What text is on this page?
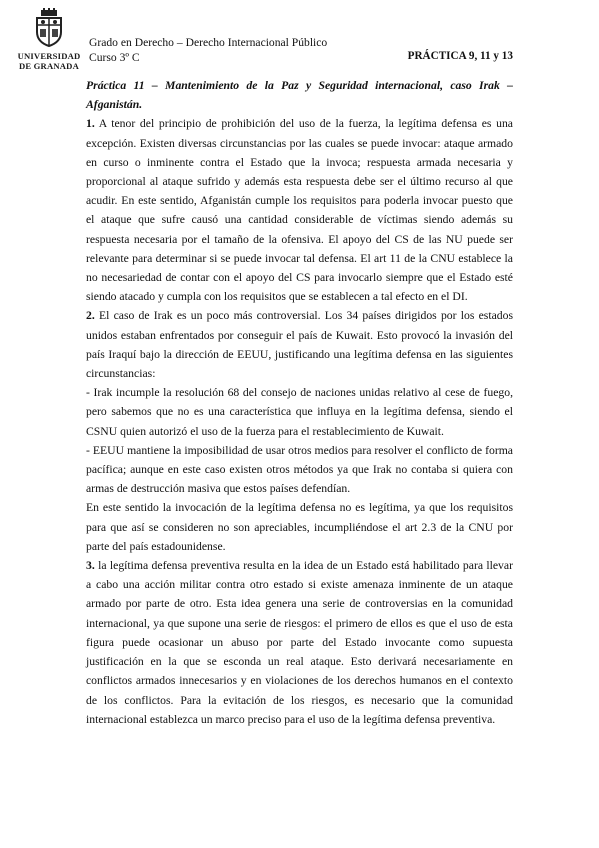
UNIVERSIDAD
DE GRANADA
Grado en Derecho – Derecho Internacional Público
Curso 3º C	PRÁCTICA 9, 11 y 13

Práctica 11 – Mantenimiento de la Paz y Seguridad internacional, caso Irak – Afganistán.

1. A tenor del principio de prohibición del uso de la fuerza, la legítima defensa es una excepción. Existen diversas circunstancias por las cuales se puede invocar: ataque armado en curso o inminente contra el Estado que la invoca; respuesta armada necesaria y proporcional al ataque sufrido y además esta respuesta debe ser el último recurso al que acudir. En este sentido, Afganistán cumple los requisitos para poderla invocar puesto que el ataque que sufre causó una cantidad considerable de víctimas siendo además su respuesta necesaria por el tamaño de la ofensiva. El apoyo del CS de las NU puede ser relevante para determinar si se puede invocar tal defensa. El art 11 de la CNU establece la no necesariedad de contar con el apoyo del CS para invocarlo siempre que el Estado esté siendo atacado y cumpla con los requisitos que se establecen a tal efecto en el DI.

2. El caso de Irak es un poco más controversial. Los 34 países dirigidos por los estados unidos estaban enfrentados por conseguir el país de Kuwait. Esto provocó la invasión del país Iraquí bajo la dirección de EEUU, justificando una legítima defensa en las siguientes circunstancias:

- Irak incumple la resolución 68 del consejo de naciones unidas relativo al cese de fuego, pero sabemos que no es una característica que influya en la legítima defensa, siendo el CSNU quien autorizó el uso de la fuerza para el restablecimiento de Kuwait.

- EEUU mantiene la imposibilidad de usar otros medios para resolver el conflicto de forma pacífica; aunque en este caso existen otros métodos ya que Irak no contaba si quiera con armas de destrucción masiva que estos países defendían.

En este sentido la invocación de la legítima defensa no es legítima, ya que los requisitos para que así se consideren no son apreciables, incumpliéndose el art 2.3 de la CNU por parte del país estadounidense.

3. la legítima defensa preventiva resulta en la idea de un Estado está habilitado para llevar a cabo una acción militar contra otro estado si existe amenaza inminente de un ataque armado por parte de otro. Esta idea genera una serie de controversias en la comunidad internacional, ya que supone una serie de riesgos: el primero de ellos es que el uso de esta figura puede ocasionar un abuso por parte del Estado invocante como supuesta justificación en la que se esconda un real ataque. Esto derivará necesariamente en conflictos armados innecesarios y en violaciones de los derechos humanos en el contexto de los conflictos. Para la evitación de los riesgos, es necesario que la comunidad internacional establezca un marco preciso para el uso de la legítima defensa preventiva.
